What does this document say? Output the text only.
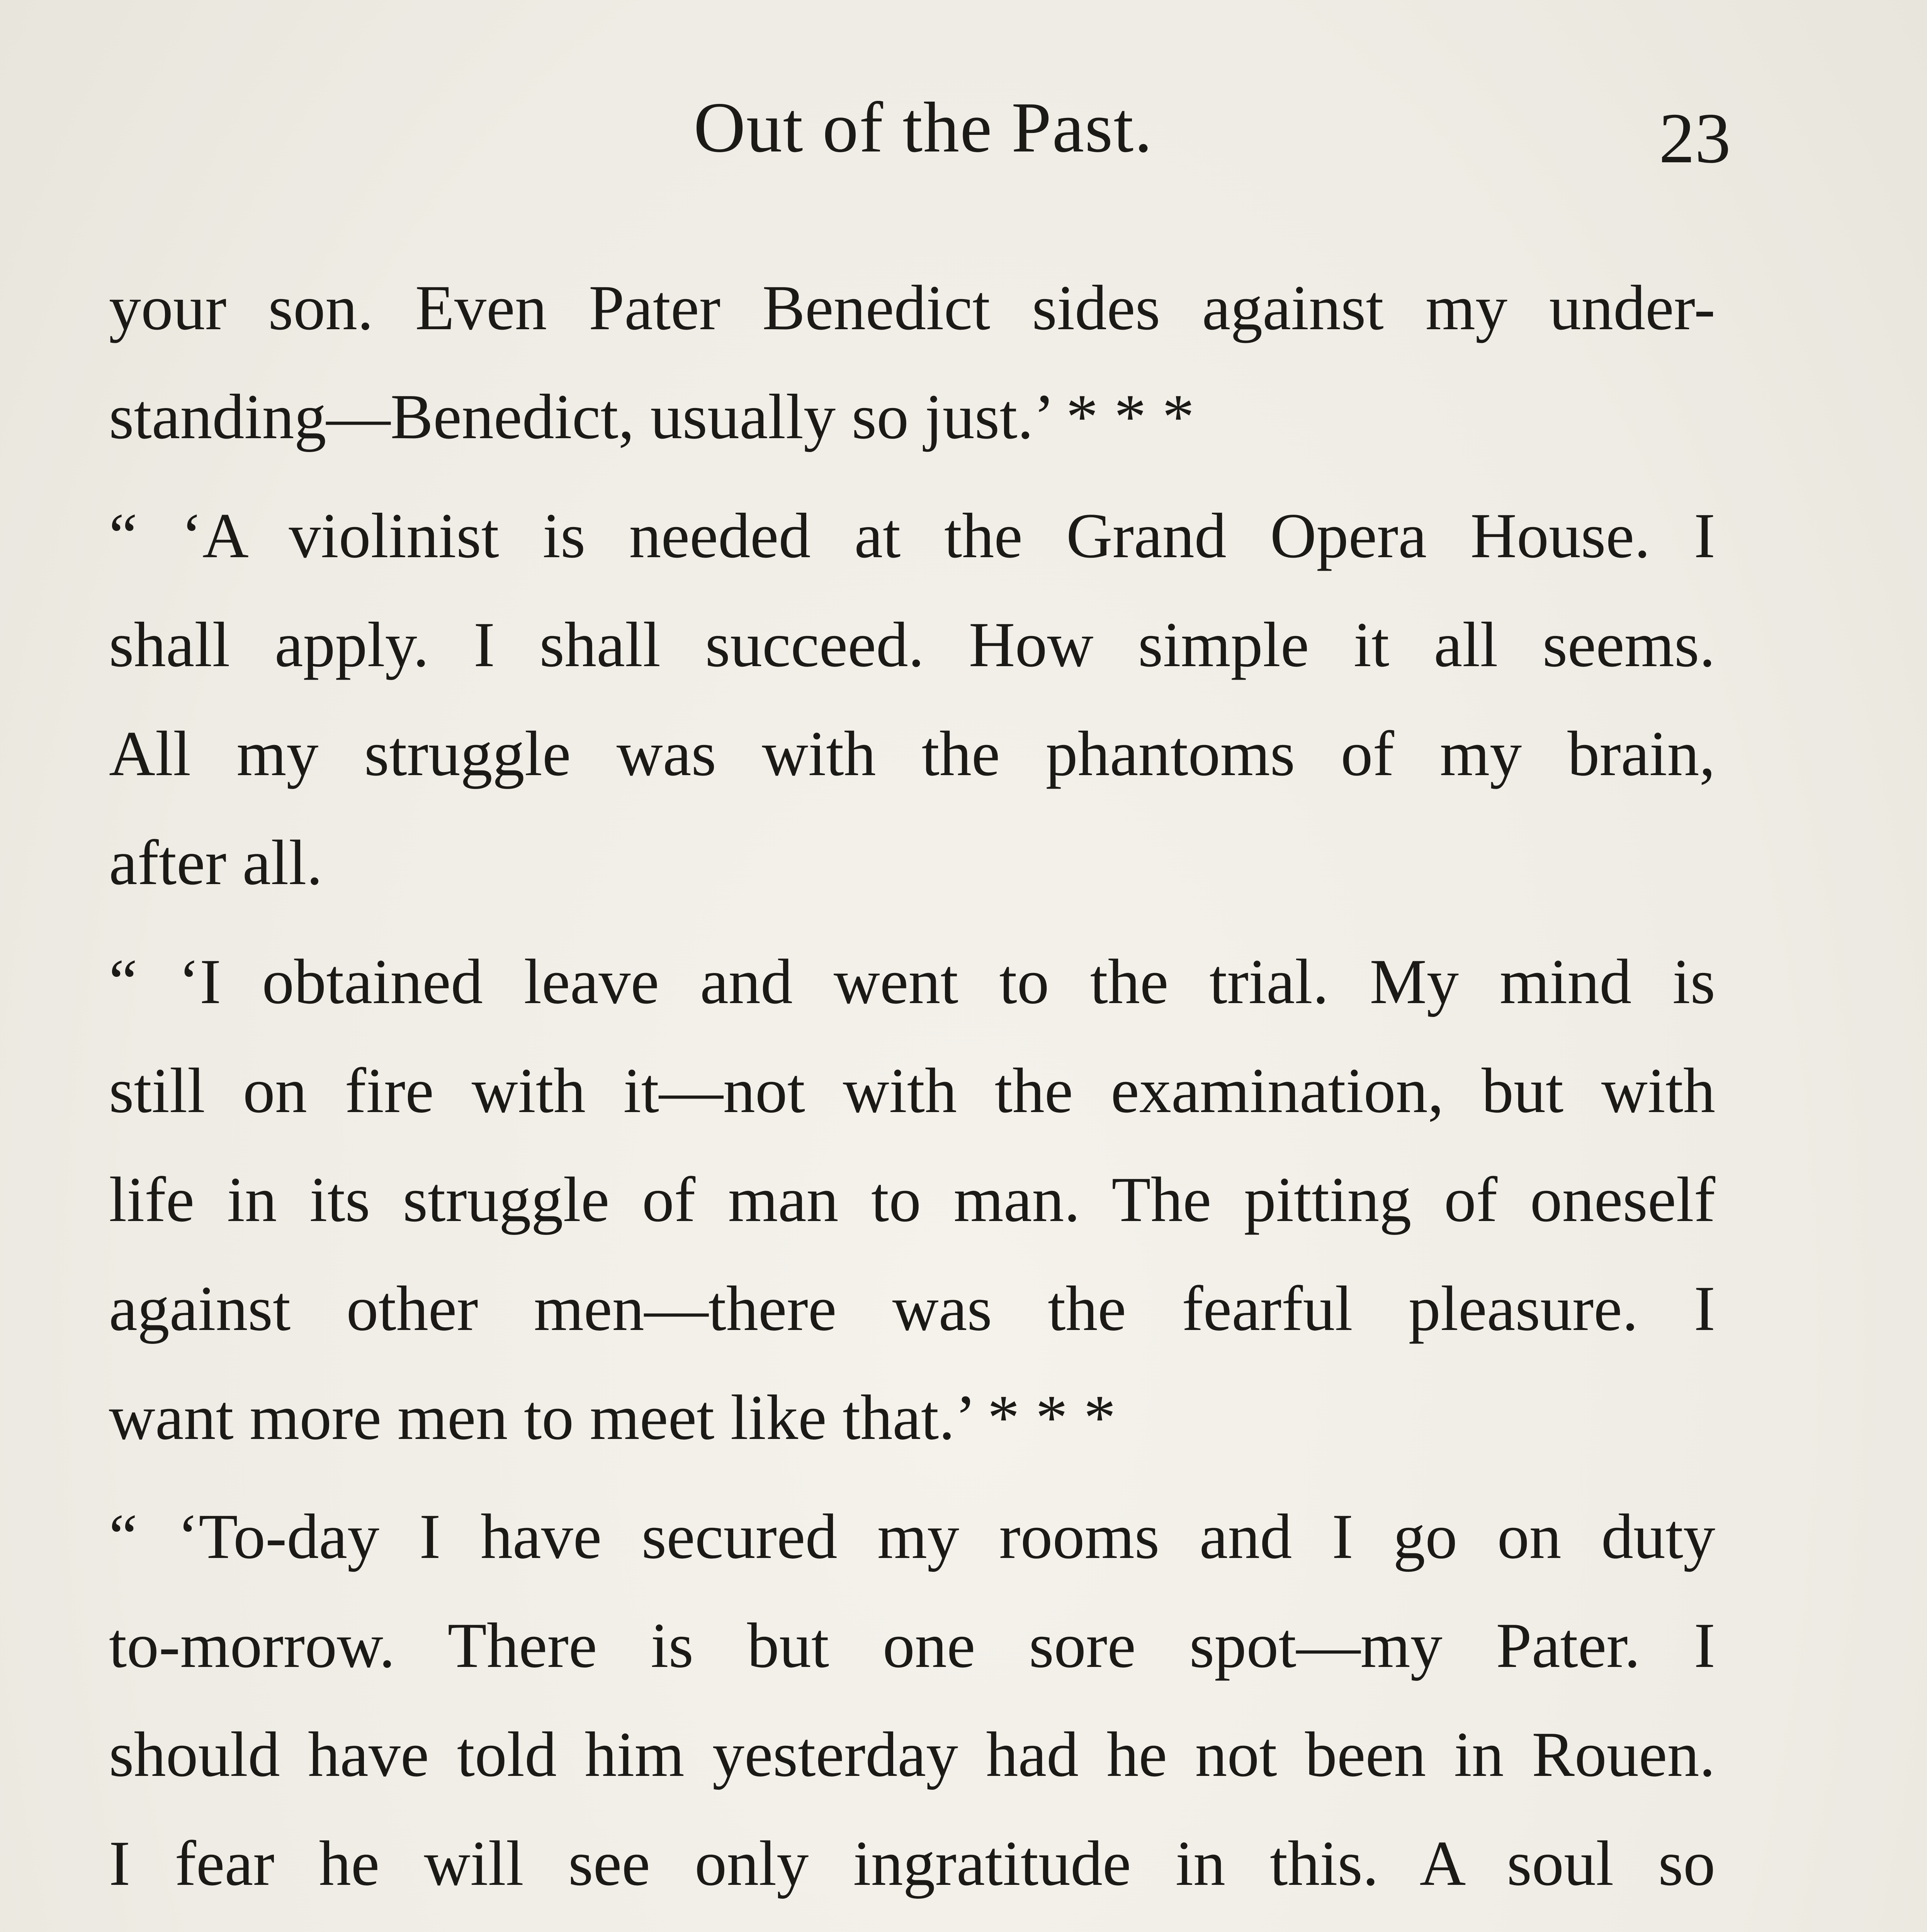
Out of the Past.	23
your son. Even Pater Benedict sides against my under-
standing—Benedict, usually so just.’ * * *
“ ‘A violinist is needed at the Grand Opera House. I
shall apply. I shall succeed. How simple it all seems.
All my struggle was with the phantoms of my brain,
after all.
“ ‘I obtained leave and went to the trial. My mind is
still on fire with it—not with the examination, but with
life in its struggle of man to man. The pitting of oneself
against other men––there was the fearful pleasure. I
want more men to meet like that.’ * * *
“ ‘To-day I have secured my rooms and I go on duty
to-morrow. There is but one sore spot—my Pater. I
should have told him yesterday had he not been in Rouen.
I fear he will see only ingratitude in this. A soul so
